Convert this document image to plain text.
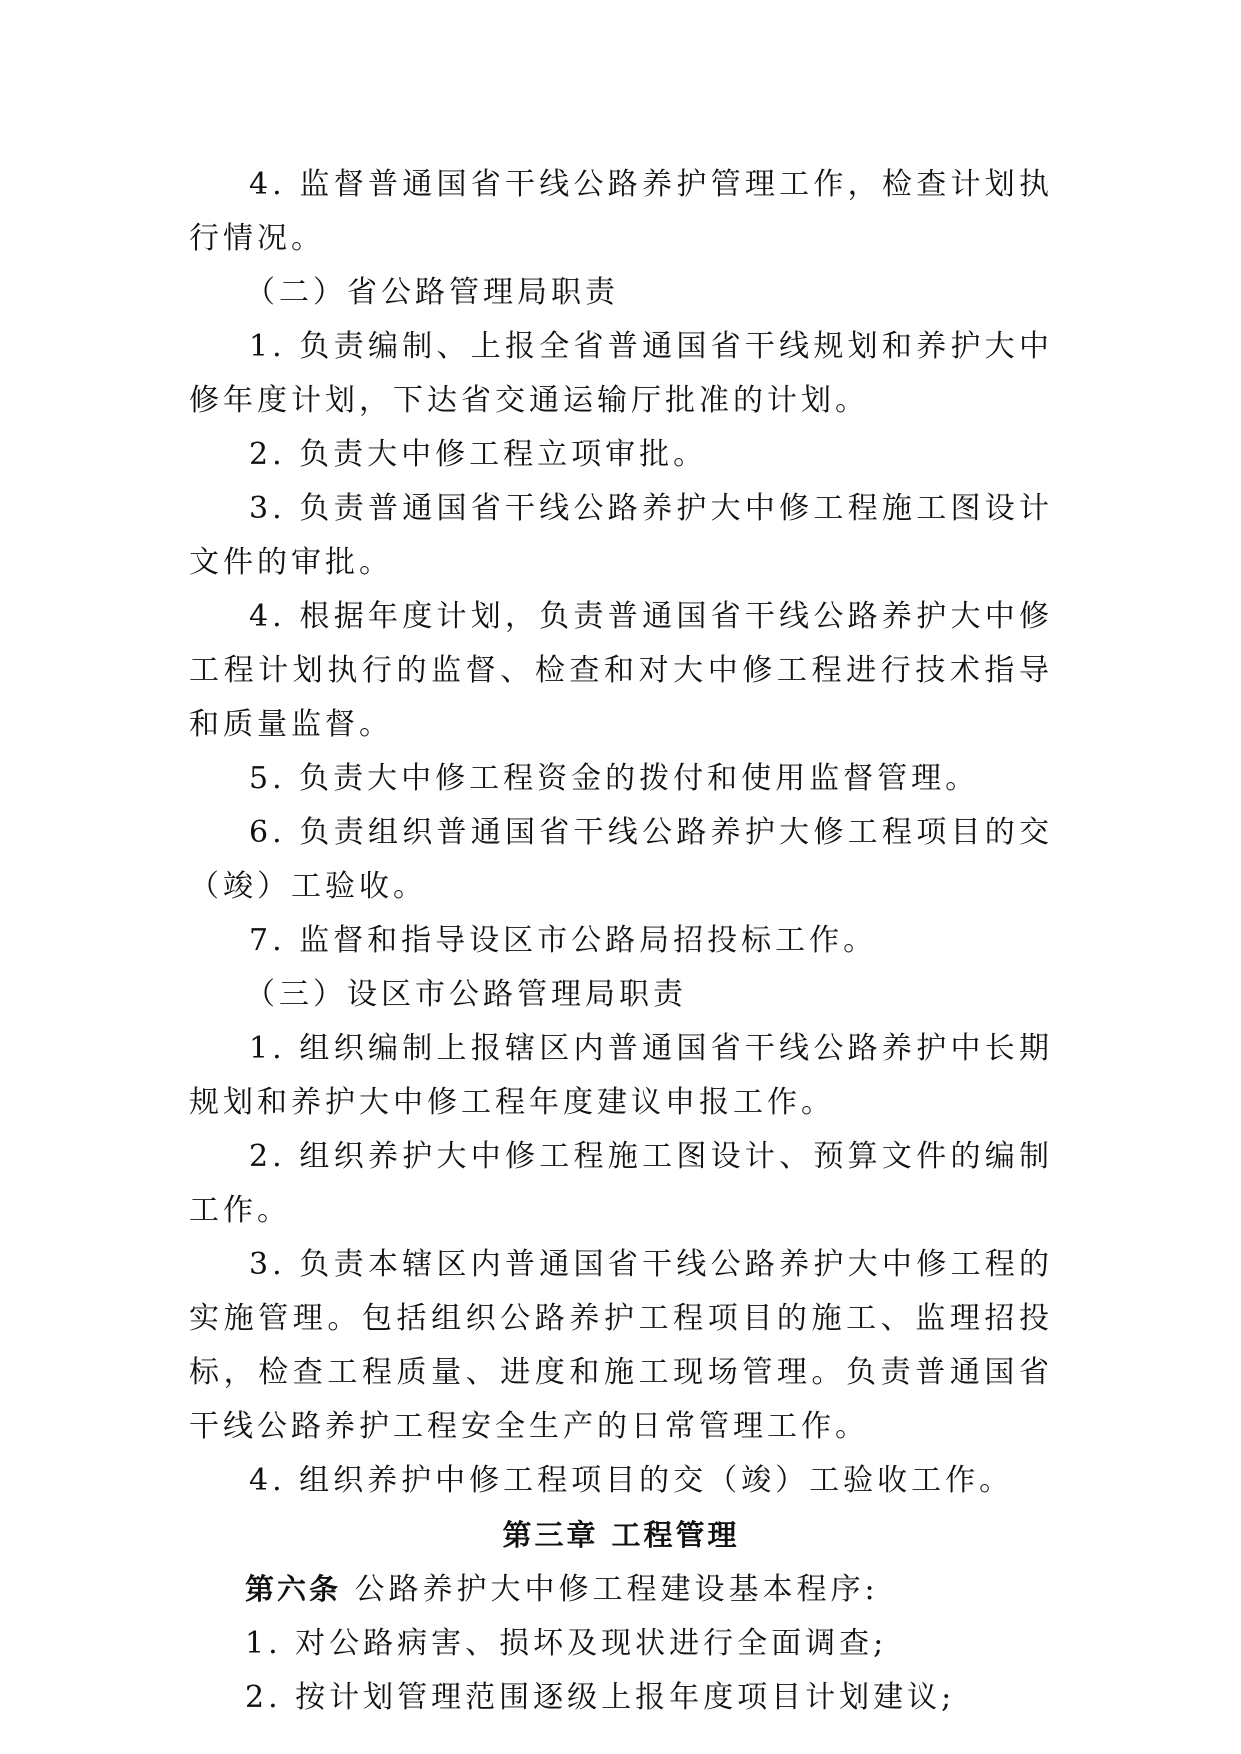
4. 监督普通国省干线公路养护管理工作，检查计划执行情况。

（二）省公路管理局职责

1. 负责编制、上报全省普通国省干线规划和养护大中修年度计划，下达省交通运输厅批准的计划。

2. 负责大中修工程立项审批。

3. 负责普通国省干线公路养护大中修工程施工图设计文件的审批。

4. 根据年度计划，负责普通国省干线公路养护大中修工程计划执行的监督、检查和对大中修工程进行技术指导和质量监督。

5. 负责大中修工程资金的拨付和使用监督管理。

6. 负责组织普通国省干线公路养护大修工程项目的交（竣）工验收。

7. 监督和指导设区市公路局招投标工作。

（三）设区市公路管理局职责

1. 组织编制上报辖区内普通国省干线公路养护中长期规划和养护大中修工程年度建议申报工作。

2. 组织养护大中修工程施工图设计、预算文件的编制工作。

3. 负责本辖区内普通国省干线公路养护大中修工程的实施管理。包括组织公路养护工程项目的施工、监理招投标，检查工程质量、进度和施工现场管理。负责普通国省干线公路养护工程安全生产的日常管理工作。

4. 组织养护中修工程项目的交（竣）工验收工作。

第三章 工程管理

第六条 公路养护大中修工程建设基本程序:

1. 对公路病害、损坏及现状进行全面调查;

2. 按计划管理范围逐级上报年度项目计划建议;
